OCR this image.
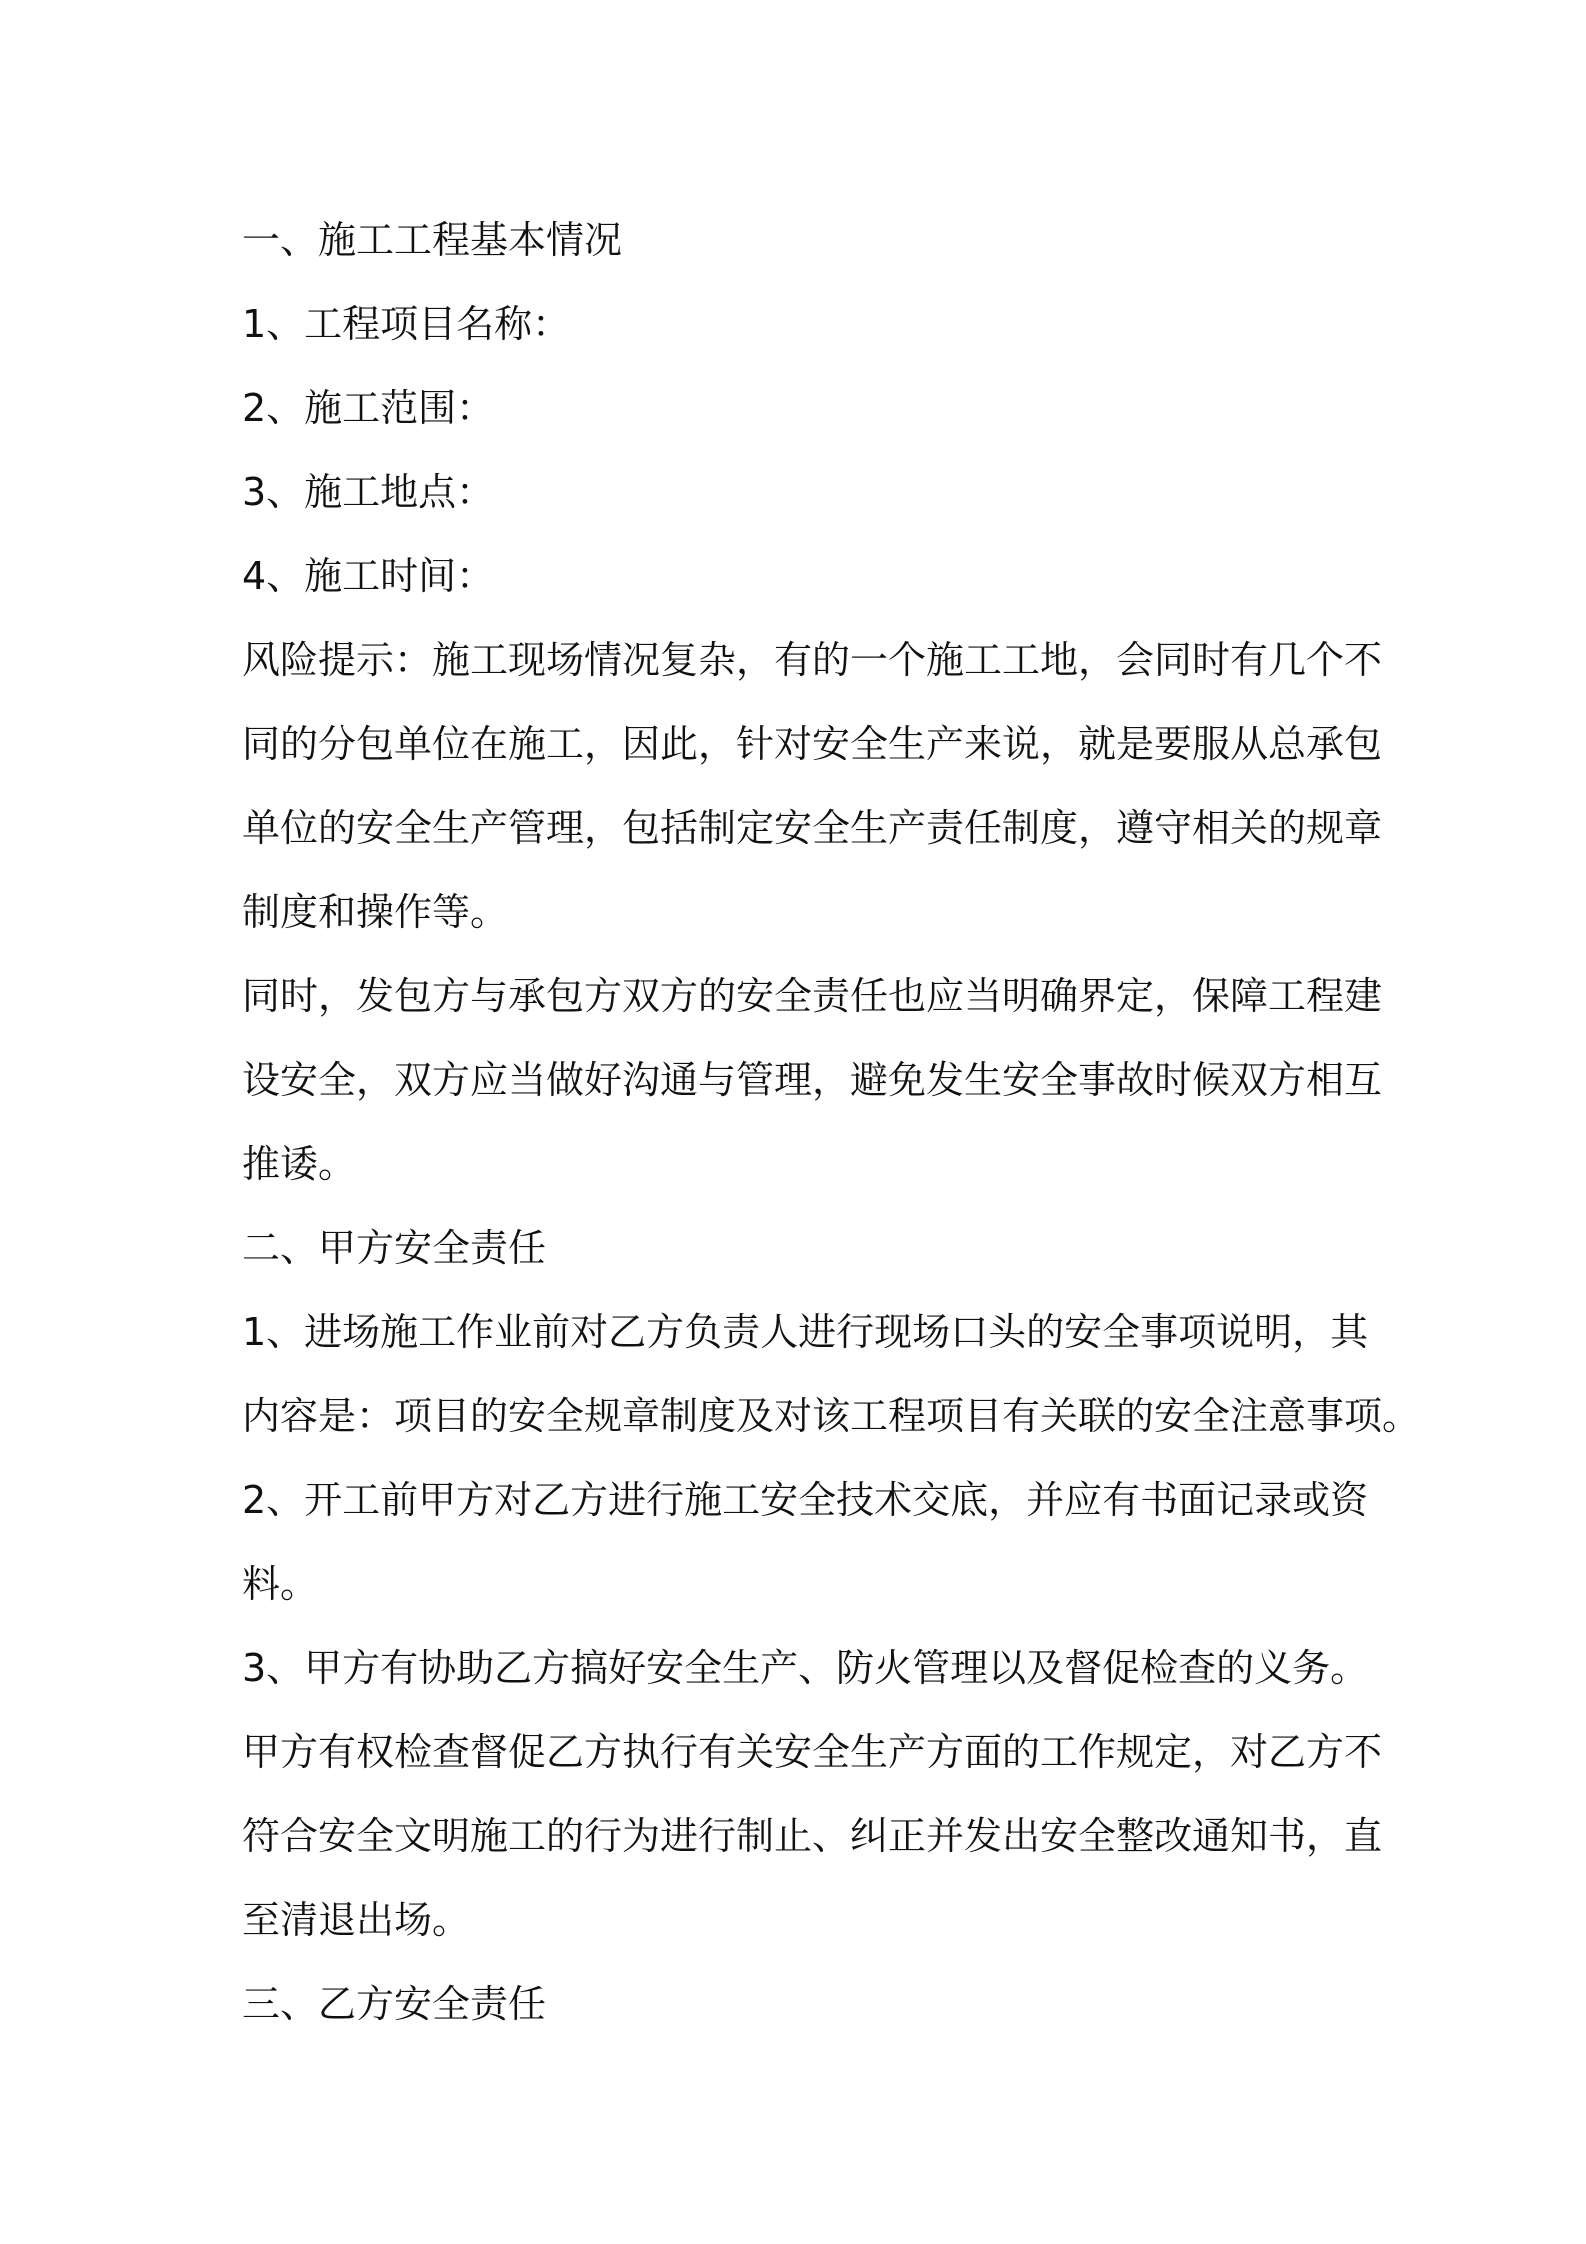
一、施工工程基本情况

1、工程项目名称：

2、施工范围：

3、施工地点：

4、施工时间：

风险提示：施工现场情况复杂，有的一个施工工地，会同时有几个不

同的分包单位在施工，因此，针对安全生产来说，就是要服从总承包

单位的安全生产管理，包括制定安全生产责任制度，遵守相关的规章

制度和操作等。

同时，发包方与承包方双方的安全责任也应当明确界定，保障工程建

设安全，双方应当做好沟通与管理，避免发生安全事故时候双方相互

推诿。

二、甲方安全责任

1、进场施工作业前对乙方负责人进行现场口头的安全事项说明，其

内容是：项目的安全规章制度及对该工程项目有关联的安全注意事项。

2、开工前甲方对乙方进行施工安全技术交底，并应有书面记录或资

料。

3、甲方有协助乙方搞好安全生产、防火管理以及督促检查的义务。

甲方有权检查督促乙方执行有关安全生产方面的工作规定，对乙方不

符合安全文明施工的行为进行制止、纠正并发出安全整改通知书，直

至清退出场。

三、乙方安全责任
